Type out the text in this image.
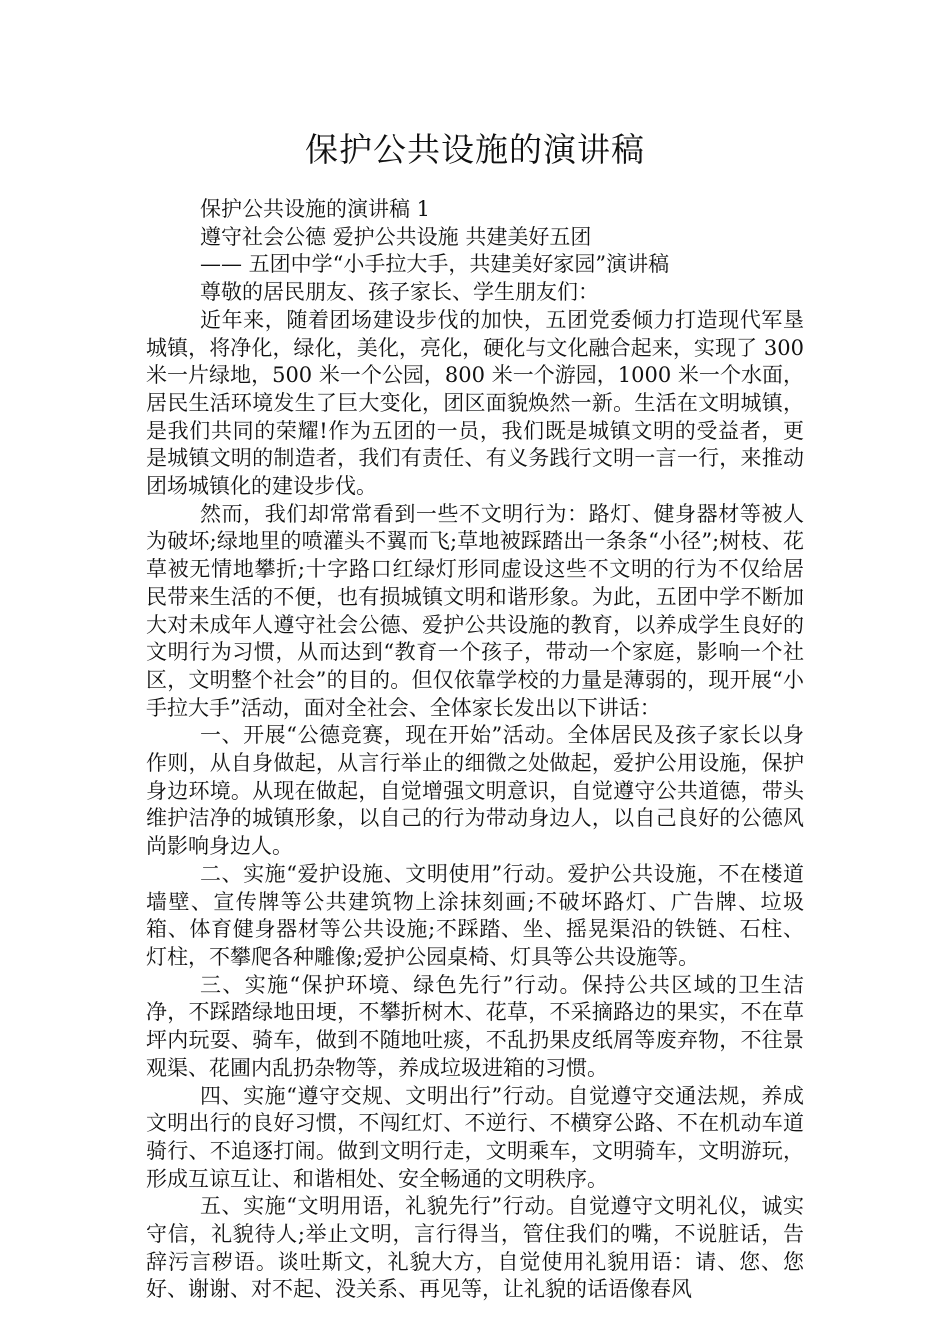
保护公共设施的演讲稿

保护公共设施的演讲稿 1

遵守社会公德 爱护公共设施 共建美好五团

—— 五团中学“小手拉大手，共建美好家园”演讲稿

尊敬的居民朋友、孩子家长、学生朋友们：

近年来，随着团场建设步伐的加快，五团党委倾力打造现代军垦城镇，将净化，绿化，美化，亮化，硬化与文化融合起来，实现了 300 米一片绿地，500 米一个公园，800 米一个游园，1000 米一个水面，居民生活环境发生了巨大变化，团区面貌焕然一新。生活在文明城镇，是我们共同的荣耀!作为五团的一员，我们既是城镇文明的受益者，更是城镇文明的制造者，我们有责任、有义务践行文明一言一行，来推动团场城镇化的建设步伐。

然而，我们却常常看到一些不文明行为：路灯、健身器材等被人为破坏;绿地里的喷灌头不翼而飞;草地被踩踏出一条条“小径”;树枝、花草被无情地攀折;十字路口红绿灯形同虚设这些不文明的行为不仅给居民带来生活的不便，也有损城镇文明和谐形象。为此，五团中学不断加大对未成年人遵守社会公德、爱护公共设施的教育，以养成学生良好的文明行为习惯，从而达到“教育一个孩子，带动一个家庭，影响一个社区，文明整个社会”的目的。但仅依靠学校的力量是薄弱的，现开展“小手拉大手”活动，面对全社会、全体家长发出以下讲话：

一、开展“公德竞赛，现在开始”活动。全体居民及孩子家长以身作则，从自身做起，从言行举止的细微之处做起，爱护公用设施，保护身边环境。从现在做起，自觉增强文明意识，自觉遵守公共道德，带头维护洁净的城镇形象，以自己的行为带动身边人，以自己良好的公德风尚影响身边人。

二、实施“爱护设施、文明使用”行动。爱护公共设施，不在楼道墙壁、宣传牌等公共建筑物上涂抹刻画;不破坏路灯、广告牌、垃圾箱、体育健身器材等公共设施;不踩踏、坐、摇晃渠沿的铁链、石柱、灯柱，不攀爬各种雕像;爱护公园桌椅、灯具等公共设施等。

三、实施“保护环境、绿色先行”行动。保持公共区域的卫生洁净，不踩踏绿地田埂，不攀折树木、花草，不采摘路边的果实，不在草坪内玩耍、骑车，做到不随地吐痰，不乱扔果皮纸屑等废弃物，不往景观渠、花圃内乱扔杂物等，养成垃圾进箱的习惯。

四、实施“遵守交规、文明出行”行动。自觉遵守交通法规，养成文明出行的良好习惯，不闯红灯、不逆行、不横穿公路、不在机动车道骑行、不追逐打闹。做到文明行走，文明乘车，文明骑车，文明游玩，形成互谅互让、和谐相处、安全畅通的文明秩序。

五、实施“文明用语，礼貌先行”行动。自觉遵守文明礼仪，诚实守信，礼貌待人;举止文明，言行得当，管住我们的嘴，不说脏话，告辞污言秽语。谈吐斯文，礼貌大方，自觉使用礼貌用语：请、您、您好、谢谢、对不起、没关系、再见等，让礼貌的话语像春风
